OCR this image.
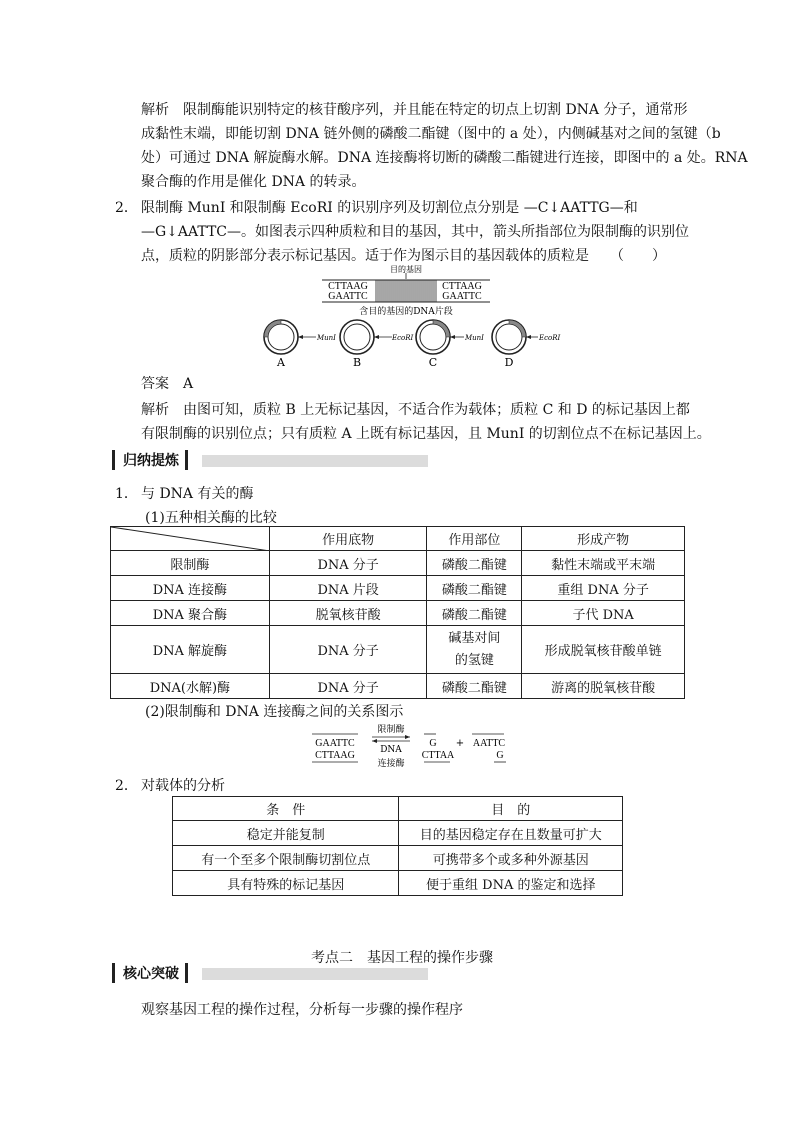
解析　限制酶能识别特定的核苷酸序列，并且能在特定的切点上切割 DNA 分子，通常形
成黏性末端，即能切割 DNA 链外侧的磷酸二酯键（图中的 a 处），内侧碱基对之间的氢键（b
处）可通过 DNA 解旋酶水解。DNA 连接酶将切断的磷酸二酯键进行连接，即图中的 a 处。RNA
聚合酶的作用是催化 DNA 的转录。
2． 限制酶 MunⅠ 和限制酶 EcoRⅠ 的识别序列及切割位点分别是 —C↓AATTG—和
—G↓AATTC—。如图表示四种质粒和目的基因，其中，箭头所指部位为限制酶的识别位
点，质粒的阴影部分表示标记基因。适于作为图示目的基因载体的质粒是 （　　）
目的基因
CTTAAG
GAATTC
CTTAAG
GAATTC
含目的基因的DNA片段
MunⅠ
A
EcoRⅠ
B
MunⅠ
C
EcoRⅠ
D
答案　A
解析　由图可知，质粒 B 上无标记基因，不适合作为载体；质粒 C 和 D 的标记基因上都
有限制酶的识别位点；只有质粒 A 上既有标记基因，且 MunⅠ 的切割位点不在标记基因上。
归纳提炼
1． 与 DNA 有关的酶
(1)五种相关酶的比较
	作用底物	作用部位	形成产物
限制酶	DNA 分子	磷酸二酯键	黏性末端或平末端
DNA 连接酶	DNA 片段	磷酸二酯键	重组 DNA 分子
DNA 聚合酶	脱氧核苷酸	磷酸二酯键	子代 DNA
DNA 解旋酶	DNA 分子	碱基对间
的氢键	形成脱氧核苷酸单链
DNA(水解)酶	DNA 分子	磷酸二酯键	游离的脱氧核苷酸
(2)限制酶和 DNA 连接酶之间的关系图示
GAATTC
CTTAAG
限制酶
DNA
连接酶
G
CTTAA
+ AATTC
G
2． 对载体的分析
条　件	目　的
稳定并能复制	目的基因稳定存在且数量可扩大
有一个至多个限制酶切割位点	可携带多个或多种外源基因
具有特殊的标记基因	便于重组 DNA 的鉴定和选择
考点二　基因工程的操作步骤
核心突破
观察基因工程的操作过程，分析每一步骤的操作程序
